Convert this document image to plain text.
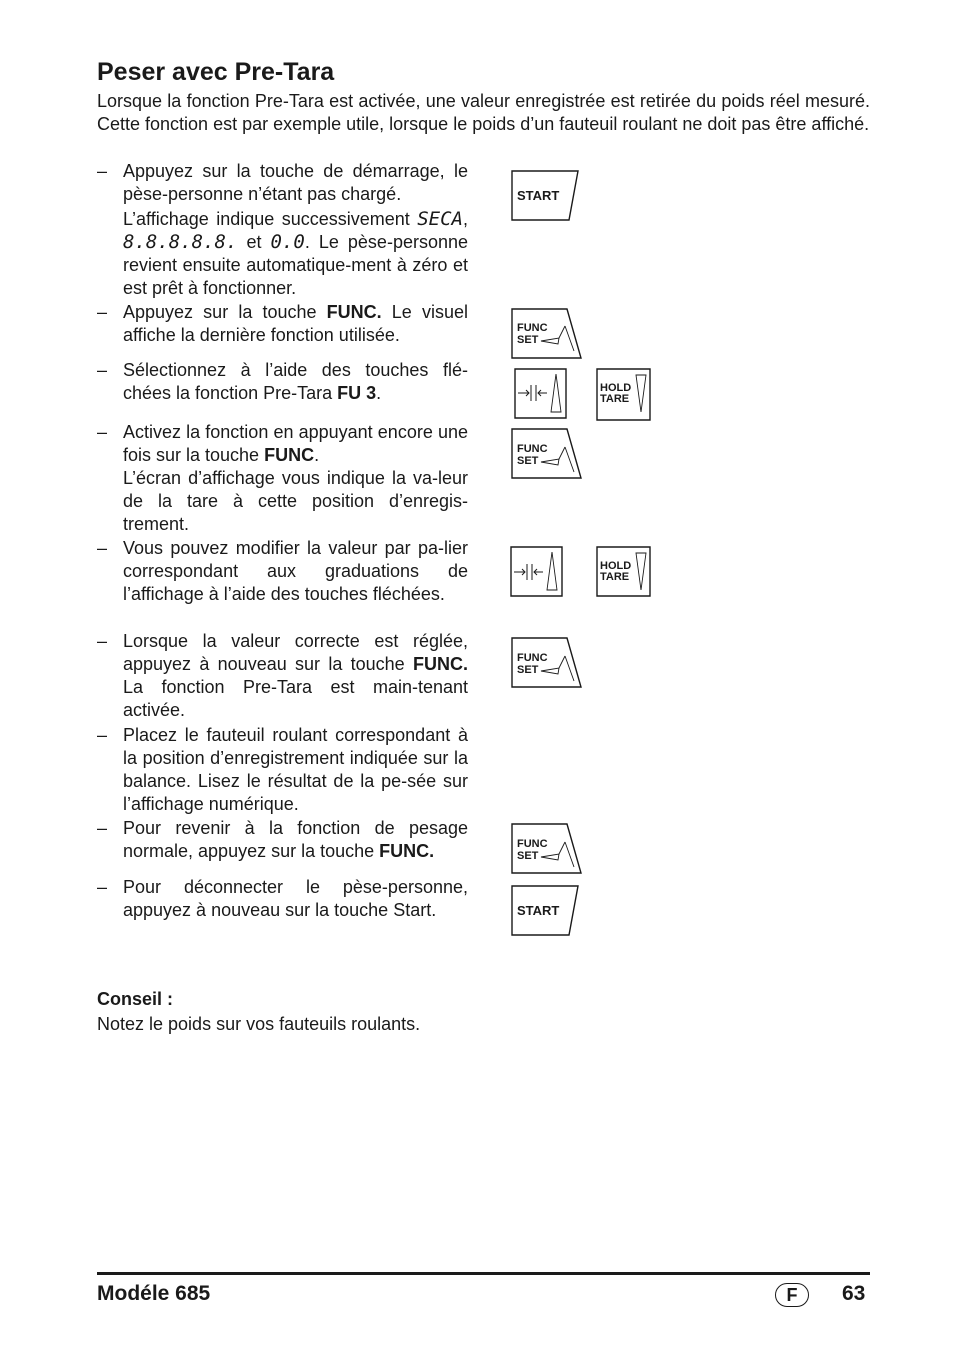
Peser avec Pre-Tara

Lorsque la fonction Pre-Tara est activée, une valeur enregistrée est retirée du poids réel mesuré. Cette fonction est par exemple utile, lorsque le poids d’un fauteuil roulant ne doit pas être affiché.

– Appuyez sur la touche de démarrage, le pèse-personne n’étant pas chargé.

L’affichage indique successivement SECA, 8.8.8.8.8. et 0.0. Le pèse-personne revient ensuite automatique-ment à zéro et est prêt à fonctionner.

– Appuyez sur la touche FUNC. Le visuel affiche la dernière fonction utilisée.

– Sélectionnez à l’aide des touches flé-chées la fonction Pre-Tara FU 3.

– Activez la fonction en appuyant encore une fois sur la touche FUNC.

L’écran d’affichage vous indique la va-leur de la tare à cette position d’enregis-trement.

– Vous pouvez modifier la valeur par pa-lier correspondant aux graduations de l’affichage à l’aide des touches fléchées.

– Lorsque la valeur correcte est réglée, appuyez à nouveau sur la touche FUNC. La fonction Pre-Tara est main-tenant activée.

– Placez le fauteuil roulant correspondant à la position d’enregistrement indiquée sur la balance. Lisez le résultat de la pe-sée sur l’affichage numérique.

– Pour revenir à la fonction de pesage normale, appuyez sur la touche FUNC.

– Pour déconnecter le pèse-personne, appuyez à nouveau sur la touche Start.

START
FUNC
SET
HOLD
TARE
FUNC
SET
HOLD
TARE
FUNC
SET
FUNC
SET
START
Conseil :
Notez le poids sur vos fauteuils roulants.
Modéle 685	F	63
